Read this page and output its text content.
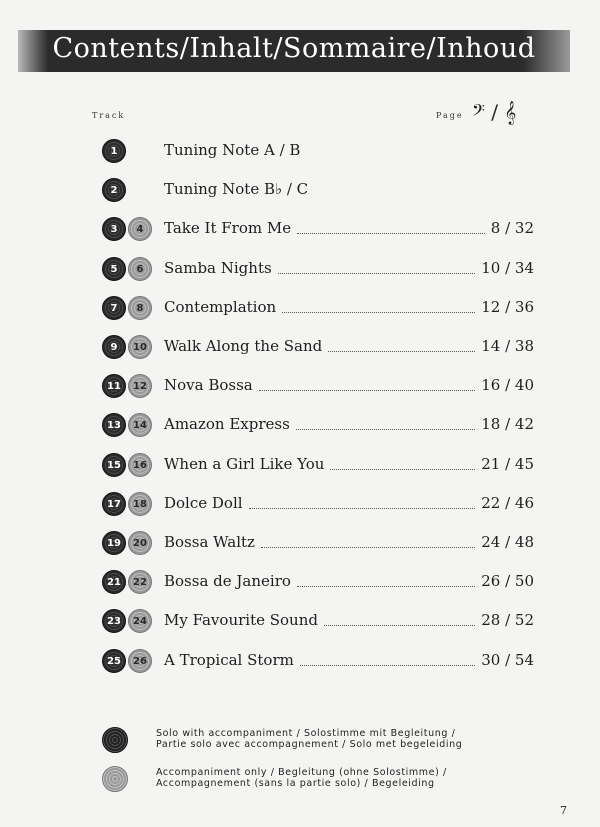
Contents/Inhalt/Sommaire/Inhoud
Track	Page 𝄢 / 𝄞
1	Tuning Note A / B
2	Tuning Note B♭ / C
3	4	Take It From Me	8 / 32
5	6	Samba Nights	10 / 34
7	8	Contemplation	12 / 36
9	10	Walk Along the Sand	14 / 38
11	12	Nova Bossa	16 / 40
13	14	Amazon Express	18 / 42
15	16	When a Girl Like You	21 / 45
17	18	Dolce Doll	22 / 46
19	20	Bossa Waltz	24 / 48
21	22	Bossa de Janeiro	26 / 50
23	24	My Favourite Sound	28 / 52
25	26	A Tropical Storm	30 / 54
Solo with accompaniment / Solostimme mit Begleitung /
Partie solo avec accompagnement / Solo met begeleiding
Accompaniment only / Begleitung (ohne Solostimme) /
Accompagnement (sans la partie solo) / Begeleiding
7
